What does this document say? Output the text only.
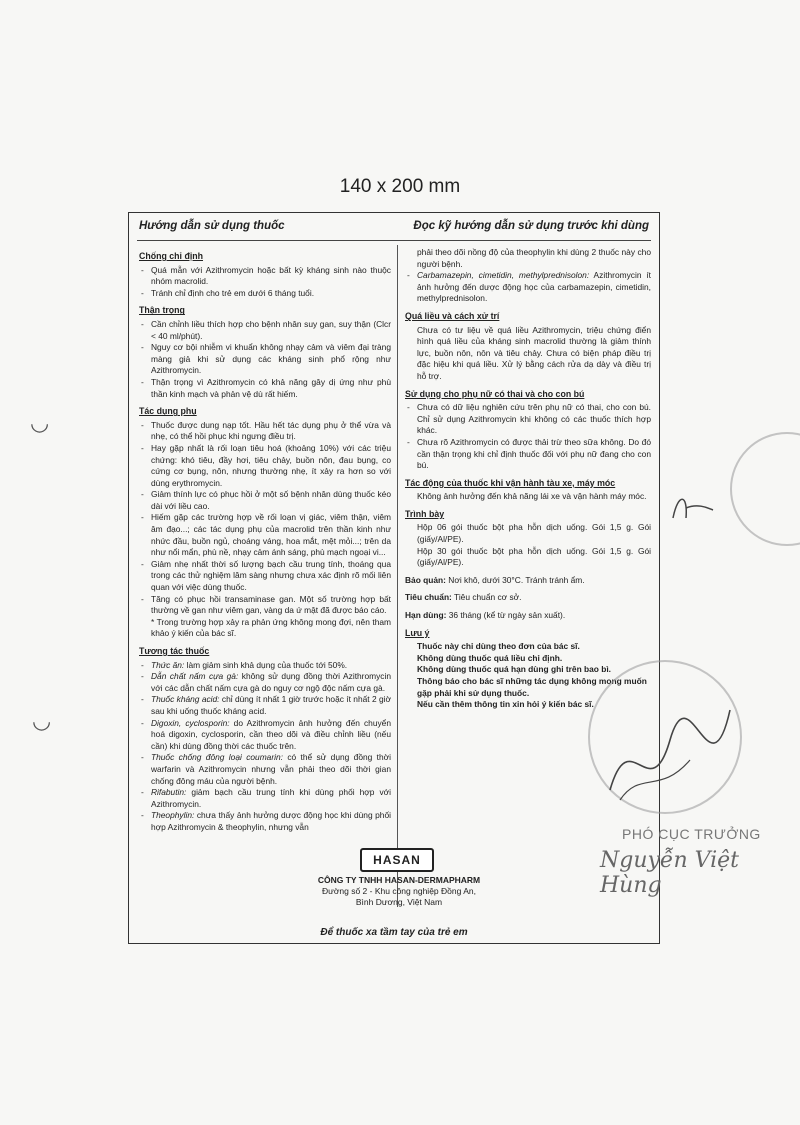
140 x 200 mm
Hướng dẫn sử dụng thuốc	Đọc kỹ hướng dẫn sử dụng trước khi dùng
Chống chỉ định
- Quá mẫn với Azithromycin hoặc bất kỳ kháng sinh nào thuộc nhóm macrolid.
- Tránh chỉ định cho trẻ em dưới 6 tháng tuổi.
Thận trọng
- Cần chỉnh liều thích hợp cho bệnh nhân suy gan, suy thận (Clcr < 40 ml/phút).
- Nguy cơ bội nhiễm vi khuẩn không nhạy cảm và viêm đại tràng màng giả khi sử dụng các kháng sinh phổ rộng như Azithromycin.
- Thận trọng vì Azithromycin có khả năng gây dị ứng như phù thần kinh mạch và phản vệ dù rất hiếm.
Tác dụng phụ
- Thuốc được dung nạp tốt. Hầu hết tác dụng phụ ở thể vừa và nhẹ, có thể hồi phục khi ngưng điều trị.
- Hay gặp nhất là rối loạn tiêu hoá (khoảng 10%) với các triệu chứng: khó tiêu, đầy hơi, tiêu chảy, buồn nôn, đau bụng, co cứng cơ bụng, nôn, nhưng thường nhẹ, ít xảy ra hơn so với dùng erythromycin.
- Giảm thính lực có phục hồi ở một số bệnh nhân dùng thuốc kéo dài với liều cao.
- Hiếm gặp các trường hợp về rối loạn vị giác, viêm thận, viêm âm đạo...; các tác dụng phụ của macrolid trên thần kinh như nhức đầu, buồn ngủ, choáng váng, hoa mắt, mệt mỏi...; trên da như nổi mẩn, phù nề, nhạy cảm ánh sáng, phù mạch ngoại vi...
- Giảm nhẹ nhất thời số lượng bạch cầu trung tính, thoáng qua trong các thử nghiệm lâm sàng nhưng chưa xác định rõ mối liên quan với việc dùng thuốc.
- Tăng có phục hồi transaminase gan. Một số trường hợp bất thường về gan như viêm gan, vàng da ứ mật đã được báo cáo.
* Trong trường hợp xảy ra phản ứng không mong đợi, nên tham khảo ý kiến của bác sĩ.
Tương tác thuốc
- Thức ăn: làm giảm sinh khả dụng của thuốc tới 50%.
- Dẫn chất nấm cựa gà: không sử dụng đồng thời Azithromycin với các dẫn chất nấm cựa gà do nguy cơ ngộ độc nấm cựa gà.
- Thuốc kháng acid: chỉ dùng ít nhất 1 giờ trước hoặc ít nhất 2 giờ sau khi uống thuốc kháng acid.
- Digoxin, cyclosporin: do Azithromycin ảnh hưởng đến chuyển hoá digoxin, cyclosporin, cần theo dõi và điều chỉnh liều (nếu cần) khi dùng đồng thời các thuốc trên.
- Thuốc chống đông loại coumarin: có thể sử dụng đồng thời warfarin và Azithromycin nhưng vẫn phải theo dõi thời gian chống đông máu của người bệnh.
- Rifabutin: giảm bạch cầu trung tính khi dùng phối hợp với Azithromycin.
- Theophylin: chưa thấy ảnh hưởng dược động học khi dùng phối hợp Azithromycin & theophylin, nhưng vẫn

phải theo dõi nồng độ của theophylin khi dùng 2 thuốc này cho người bệnh.

- Carbamazepin, cimetidin, methylprednisolon: Azithromycin ít ảnh hưởng đến dược động học của carbamazepin, cimetidin, methylprednisolon.
Quá liều và cách xử trí

Chưa có tư liệu về quá liều Azithromycin, triệu chứng điển hình quá liều của kháng sinh macrolid thường là giảm thính lực, buồn nôn, nôn và tiêu chảy. Chưa có biện pháp điều trị đặc hiệu khi quá liều. Xử lý bằng cách rửa dạ dày và điều trị hỗ trợ.

Sử dụng cho phụ nữ có thai và cho con bú
- Chưa có dữ liệu nghiên cứu trên phụ nữ có thai, cho con bú. Chỉ sử dụng Azithromycin khi không có các thuốc thích hợp khác.
- Chưa rõ Azithromycin có được thải trừ theo sữa không. Do đó cần thận trọng khi chỉ định thuốc đối với phụ nữ đang cho con bú.
Tác động của thuốc khi vận hành tàu xe, máy móc

Không ảnh hưởng đến khả năng lái xe và vận hành máy móc.

Trình bày

Hộp 06 gói thuốc bột pha hỗn dịch uống. Gói 1,5 g. Gói (giấy/Al/PE).

Hộp 30 gói thuốc bột pha hỗn dịch uống. Gói 1,5 g. Gói (giấy/Al/PE).

Bảo quản: Nơi khô, dưới 30°C. Tránh tránh ẩm.

Tiêu chuẩn: Tiêu chuẩn cơ sở.

Hạn dùng: 36 tháng (kể từ ngày sản xuất).

Lưu ý

Thuốc này chỉ dùng theo đơn của bác sĩ.

Không dùng thuốc quá liều chỉ định.

Không dùng thuốc quá hạn dùng ghi trên bao bì.

Thông báo cho bác sĩ những tác dụng không mong muốn gặp phải khi sử dụng thuốc.

Nếu cần thêm thông tin xin hỏi ý kiến bác sĩ.

Để thuốc xa tầm tay của trẻ em
HASAN
CÔNG TY TNHH HASAN-DERMAPHARM
Đường số 2 - Khu công nghiệp Đồng An,
Bình Dương, Việt Nam
PHÓ CỤC TRƯỞNG
Nguyễn Việt Hùng
◡
◡
